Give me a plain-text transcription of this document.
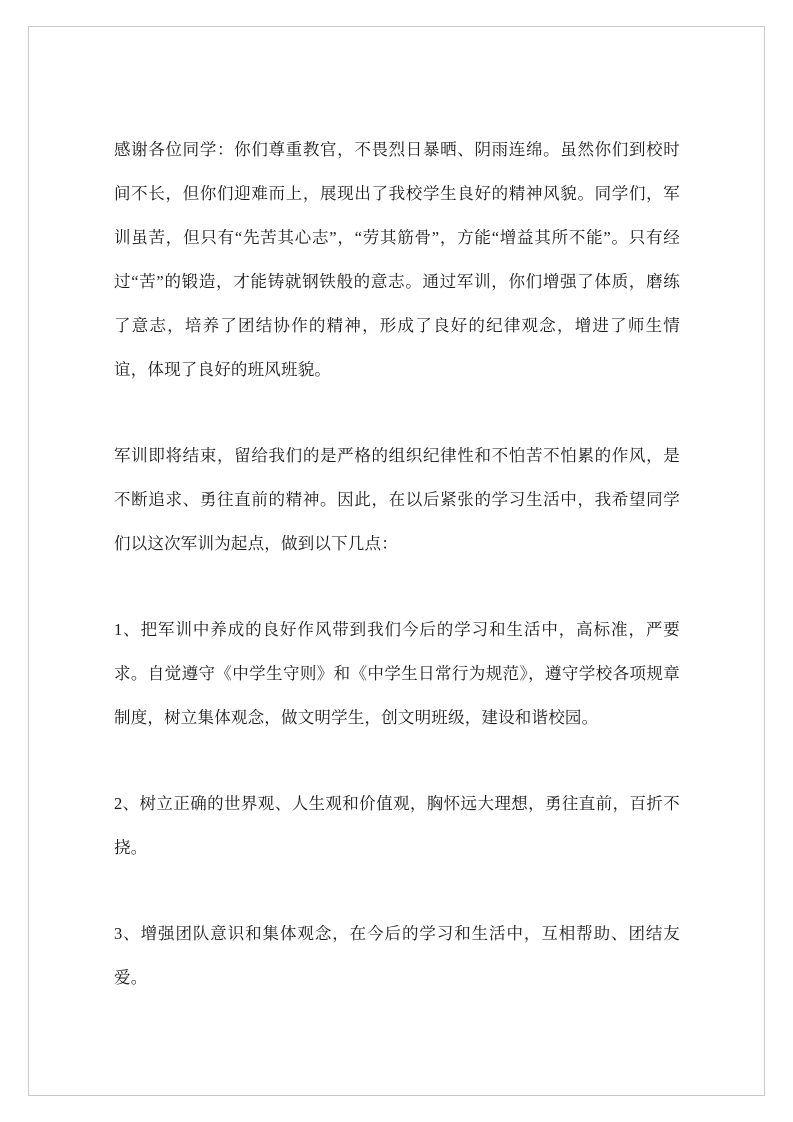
感谢各位同学：你们尊重教官，不畏烈日暴晒、阴雨连绵。虽然你们到校时间不长，但你们迎难而上，展现出了我校学生良好的精神风貌。同学们，军训虽苦，但只有“先苦其心志”，“劳其筋骨”，方能“增益其所不能”。只有经过“苦”的锻造，才能铸就钢铁般的意志。通过军训，你们增强了体质，磨练了意志，培养了团结协作的精神，形成了良好的纪律观念，增进了师生情谊，体现了良好的班风班貌。

军训即将结束，留给我们的是严格的组织纪律性和不怕苦不怕累的作风，是不断追求、勇往直前的精神。因此，在以后紧张的学习生活中，我希望同学们以这次军训为起点，做到以下几点：

1、把军训中养成的良好作风带到我们今后的学习和生活中，高标准，严要求。自觉遵守《中学生守则》和《中学生日常行为规范》，遵守学校各项规章制度，树立集体观念，做文明学生，创文明班级，建设和谐校园。

2、树立正确的世界观、人生观和价值观，胸怀远大理想，勇往直前，百折不挠。

3、增强团队意识和集体观念，在今后的学习和生活中，互相帮助、团结友爱。
